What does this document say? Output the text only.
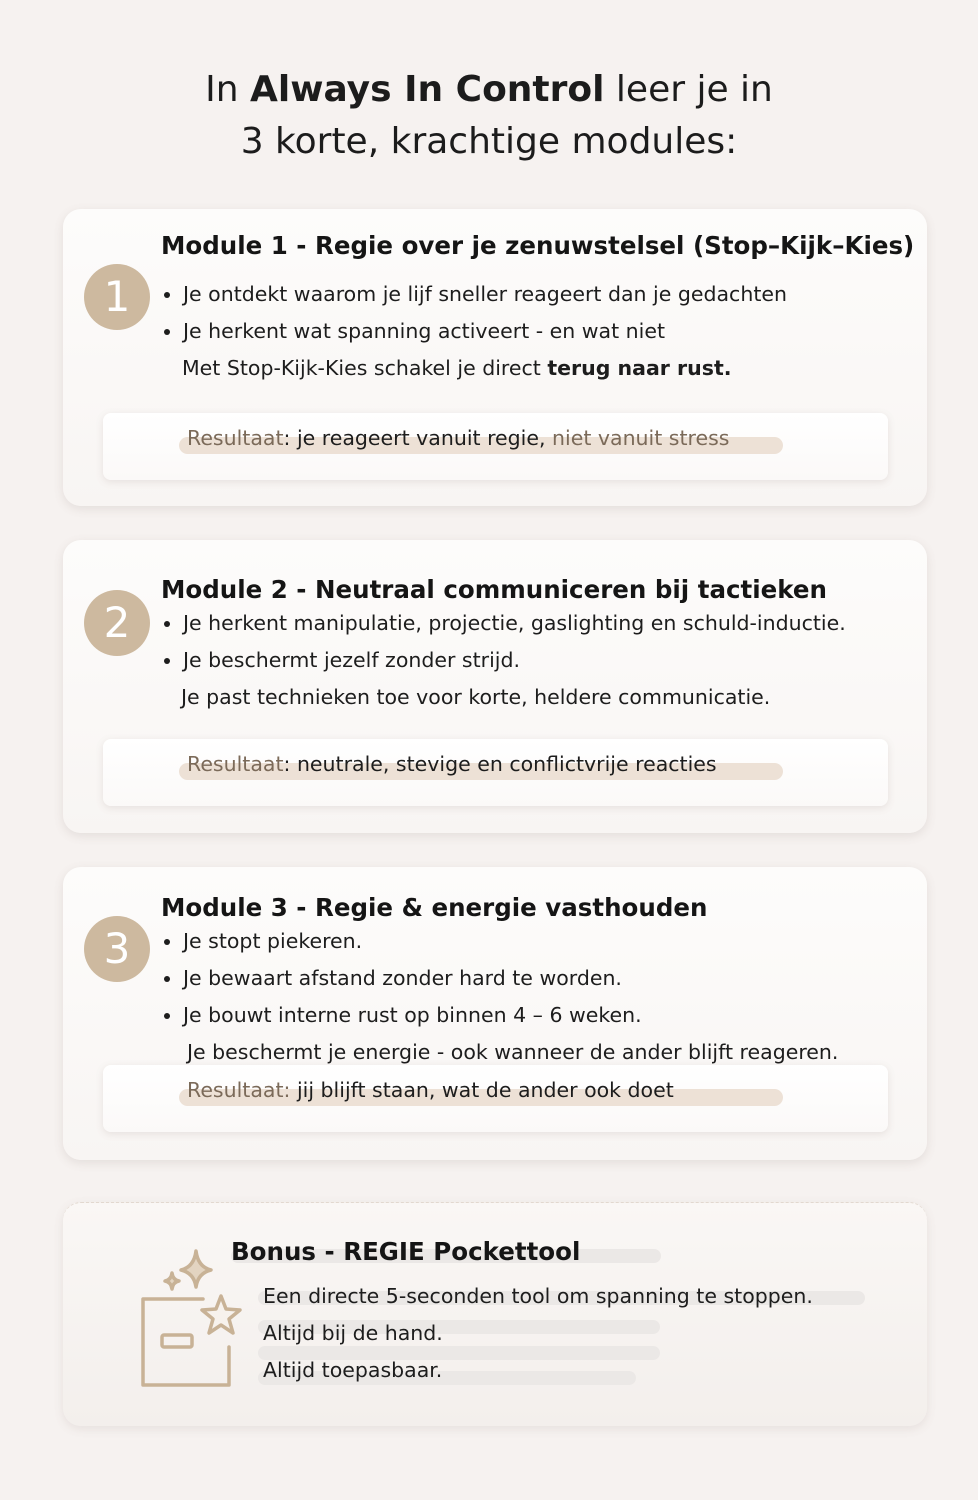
In Always In Control leer je in
3 korte, krachtige modules:
1
Module 1 - Regie over je zenuwstelsel (Stop–Kijk–Kies)
Je ontdekt waarom je lijf sneller reageert dan je gedachten
Je herkent wat spanning activeert - en wat niet
Met Stop-Kijk-Kies schakel je direct terug naar rust.
Resultaat: je reageert vanuit regie, niet vanuit stress
2
Module 2 - Neutraal communiceren bij tactieken
Je herkent manipulatie, projectie, gaslighting en schuld-inductie.
Je beschermt jezelf zonder strijd.
Je past technieken toe voor korte, heldere communicatie.
Resultaat: neutrale, stevige en conflictvrije reacties
3
Module 3 - Regie & energie vasthouden
Je stopt piekeren.
Je bewaart afstand zonder hard te worden.
Je bouwt interne rust op binnen 4 – 6 weken.
Je beschermt je energie - ook wanneer de ander blijft reageren.
Resultaat: jij blijft staan, wat de ander ook doet
Bonus - REGIE Pockettool
Een directe 5-seconden tool om spanning te stoppen.
Altijd bij de hand.
Altijd toepasbaar.
